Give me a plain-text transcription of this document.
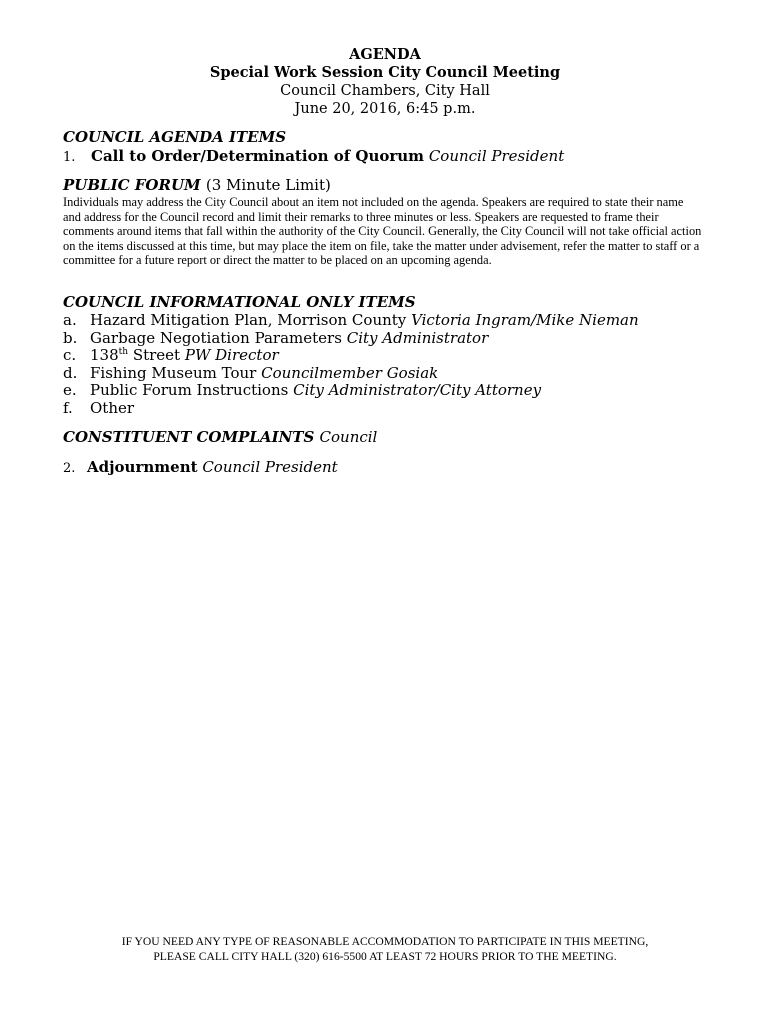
AGENDA
Special Work Session City Council Meeting
Council Chambers, City Hall
June 20, 2016, 6:45 p.m.
COUNCIL AGENDA ITEMS
1. Call to Order/Determination of Quorum Council President
PUBLIC FORUM (3 Minute Limit)
Individuals may address the City Council about an item not included on the agenda. Speakers are required to state their name and address for the Council record and limit their remarks to three minutes or less. Speakers are requested to frame their comments around items that fall within the authority of the City Council. Generally, the City Council will not take official action on the items discussed at this time, but may place the item on file, take the matter under advisement, refer the matter to staff or a committee for a future report or direct the matter to be placed on an upcoming agenda.
COUNCIL INFORMATIONAL ONLY ITEMS
a. Hazard Mitigation Plan, Morrison County Victoria Ingram/Mike Nieman
b. Garbage Negotiation Parameters City Administrator
c. 138th Street PW Director
d. Fishing Museum Tour Councilmember Gosiak
e. Public Forum Instructions City Administrator/City Attorney
f. Other
CONSTITUENT COMPLAINTS Council
2. Adjournment Council President
IF YOU NEED ANY TYPE OF REASONABLE ACCOMMODATION TO PARTICIPATE IN THIS MEETING,
PLEASE CALL CITY HALL (320) 616-5500 AT LEAST 72 HOURS PRIOR TO THE MEETING.
